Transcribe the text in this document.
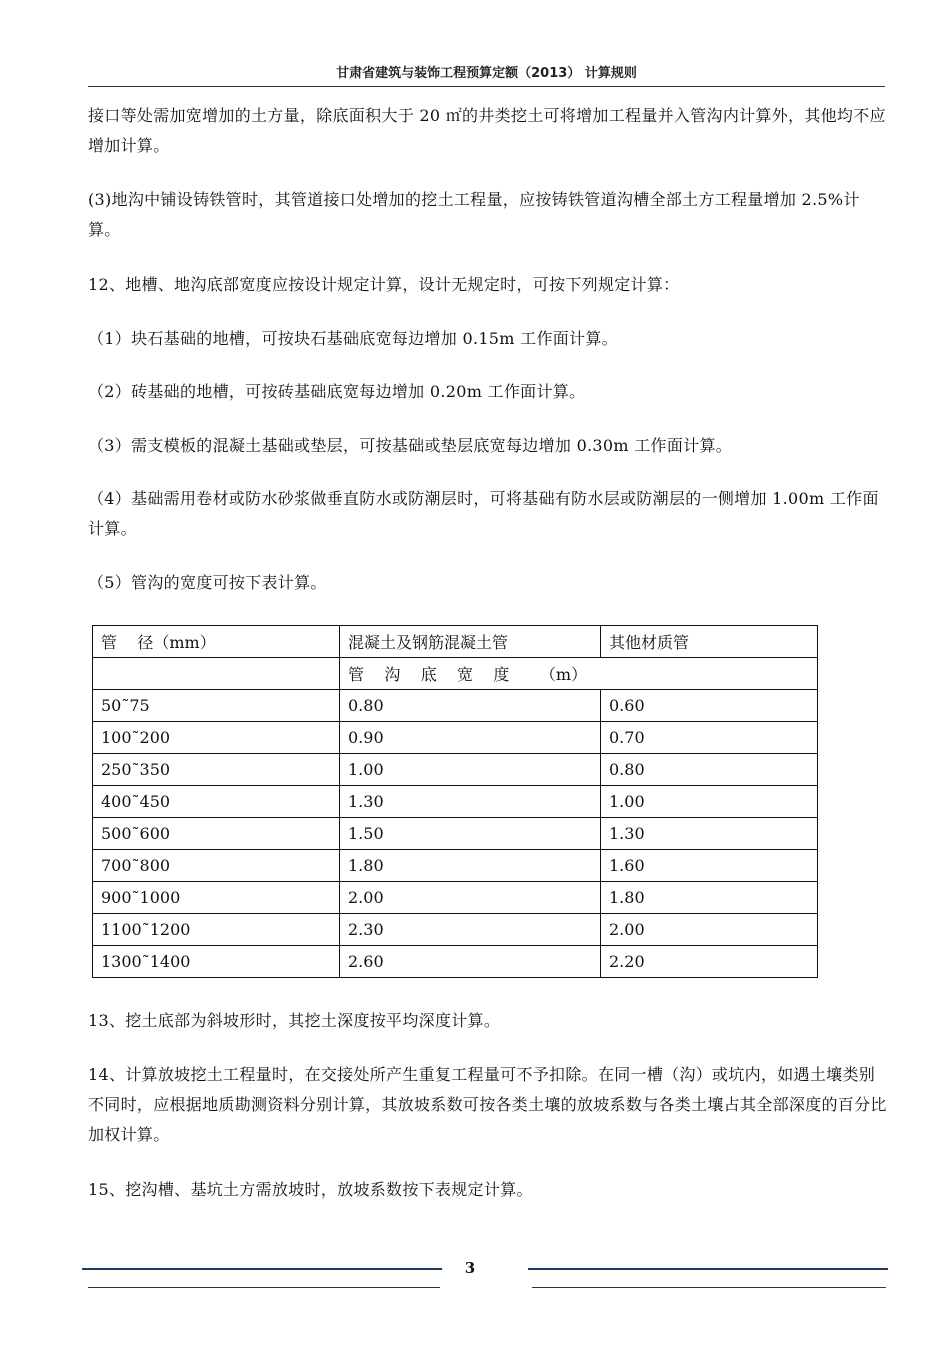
甘肃省建筑与装饰工程预算定额（2013） 计算规则
接口等处需加宽增加的土方量，除底面积大于 20 ㎡的井类挖土可将增加工程量并入管沟内计算外，其他均不应增加计算。
(3)地沟中铺设铸铁管时，其管道接口处增加的挖土工程量，应按铸铁管道沟槽全部土方工程量增加 2.5%计算。
12、地槽、地沟底部宽度应按设计规定计算，设计无规定时，可按下列规定计算：
（1）块石基础的地槽，可按块石基础底宽每边增加 0.15m 工作面计算。
（2）砖基础的地槽，可按砖基础底宽每边增加 0.20m 工作面计算。
（3）需支模板的混凝土基础或垫层，可按基础或垫层底宽每边增加 0.30m 工作面计算。
（4）基础需用卷材或防水砂浆做垂直防水或防潮层时，可将基础有防水层或防潮层的一侧增加 1.00m 工作面计算。
（5）管沟的宽度可按下表计算。
管    径（mm）	混凝土及钢筋混凝土管	其他材质管
	管    沟    底    宽    度      （m）	
50˜75	0.80	0.60
100˜200	0.90	0.70
250˜350	1.00	0.80
400˜450	1.30	1.00
500˜600	1.50	1.30
700˜800	1.80	1.60
900˜1000	2.00	1.80
1100˜1200	2.30	2.00
1300˜1400	2.60	2.20
13、挖土底部为斜坡形时，其挖土深度按平均深度计算。
14、计算放坡挖土工程量时，在交接处所产生重复工程量可不予扣除。在同一槽（沟）或坑内，如遇土壤类别不同时，应根据地质勘测资料分别计算，其放坡系数可按各类土壤的放坡系数与各类土壤占其全部深度的百分比加权计算。
15、挖沟槽、基坑土方需放坡时，放坡系数按下表规定计算。
3
